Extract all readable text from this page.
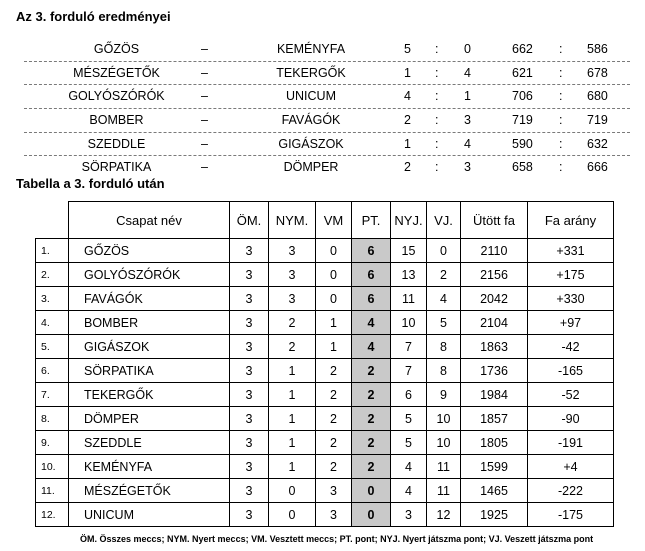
Az 3. forduló eredményei
GŐZÖS	–	KEMÉNYFA	5 : 0	662 : 586
MÉSZÉGETŐK	–	TEKERGŐK	1 : 4	621 : 678
GOLYÓSZÓRÓK	–	UNICUM	4 : 1	706 : 680
BOMBER	–	FAVÁGÓK	2 : 3	719 : 719
SZEDDLE	–	GIGÁSZOK	1 : 4	590 : 632
SÖRPATIKA	–	DÖMPER	2 : 3	658 : 666
Tabella a 3. forduló után
	Csapat név	ÖM.	NYM.	VM	PT.	NYJ.	VJ.	Ütött fa	Fa arány
1.	GŐZÖS	3	3	0	6	15	0	2110	+331
2.	GOLYÓSZÓRÓK	3	3	0	6	13	2	2156	+175
3.	FAVÁGÓK	3	3	0	6	11	4	2042	+330
4.	BOMBER	3	2	1	4	10	5	2104	+97
5.	GIGÁSZOK	3	2	1	4	7	8	1863	-42
6.	SÖRPATIKA	3	1	2	2	7	8	1736	-165
7.	TEKERGŐK	3	1	2	2	6	9	1984	-52
8.	DÖMPER	3	1	2	2	5	10	1857	-90
9.	SZEDDLE	3	1	2	2	5	10	1805	-191
10.	KEMÉNYFA	3	1	2	2	4	11	1599	+4
11.	MÉSZÉGETŐK	3	0	3	0	4	11	1465	-222
12.	UNICUM	3	0	3	0	3	12	1925	-175
ÖM. Összes meccs; NYM. Nyert meccs; VM. Vesztett meccs; PT. pont; NYJ. Nyert játszma pont; VJ. Veszett játszma pont
